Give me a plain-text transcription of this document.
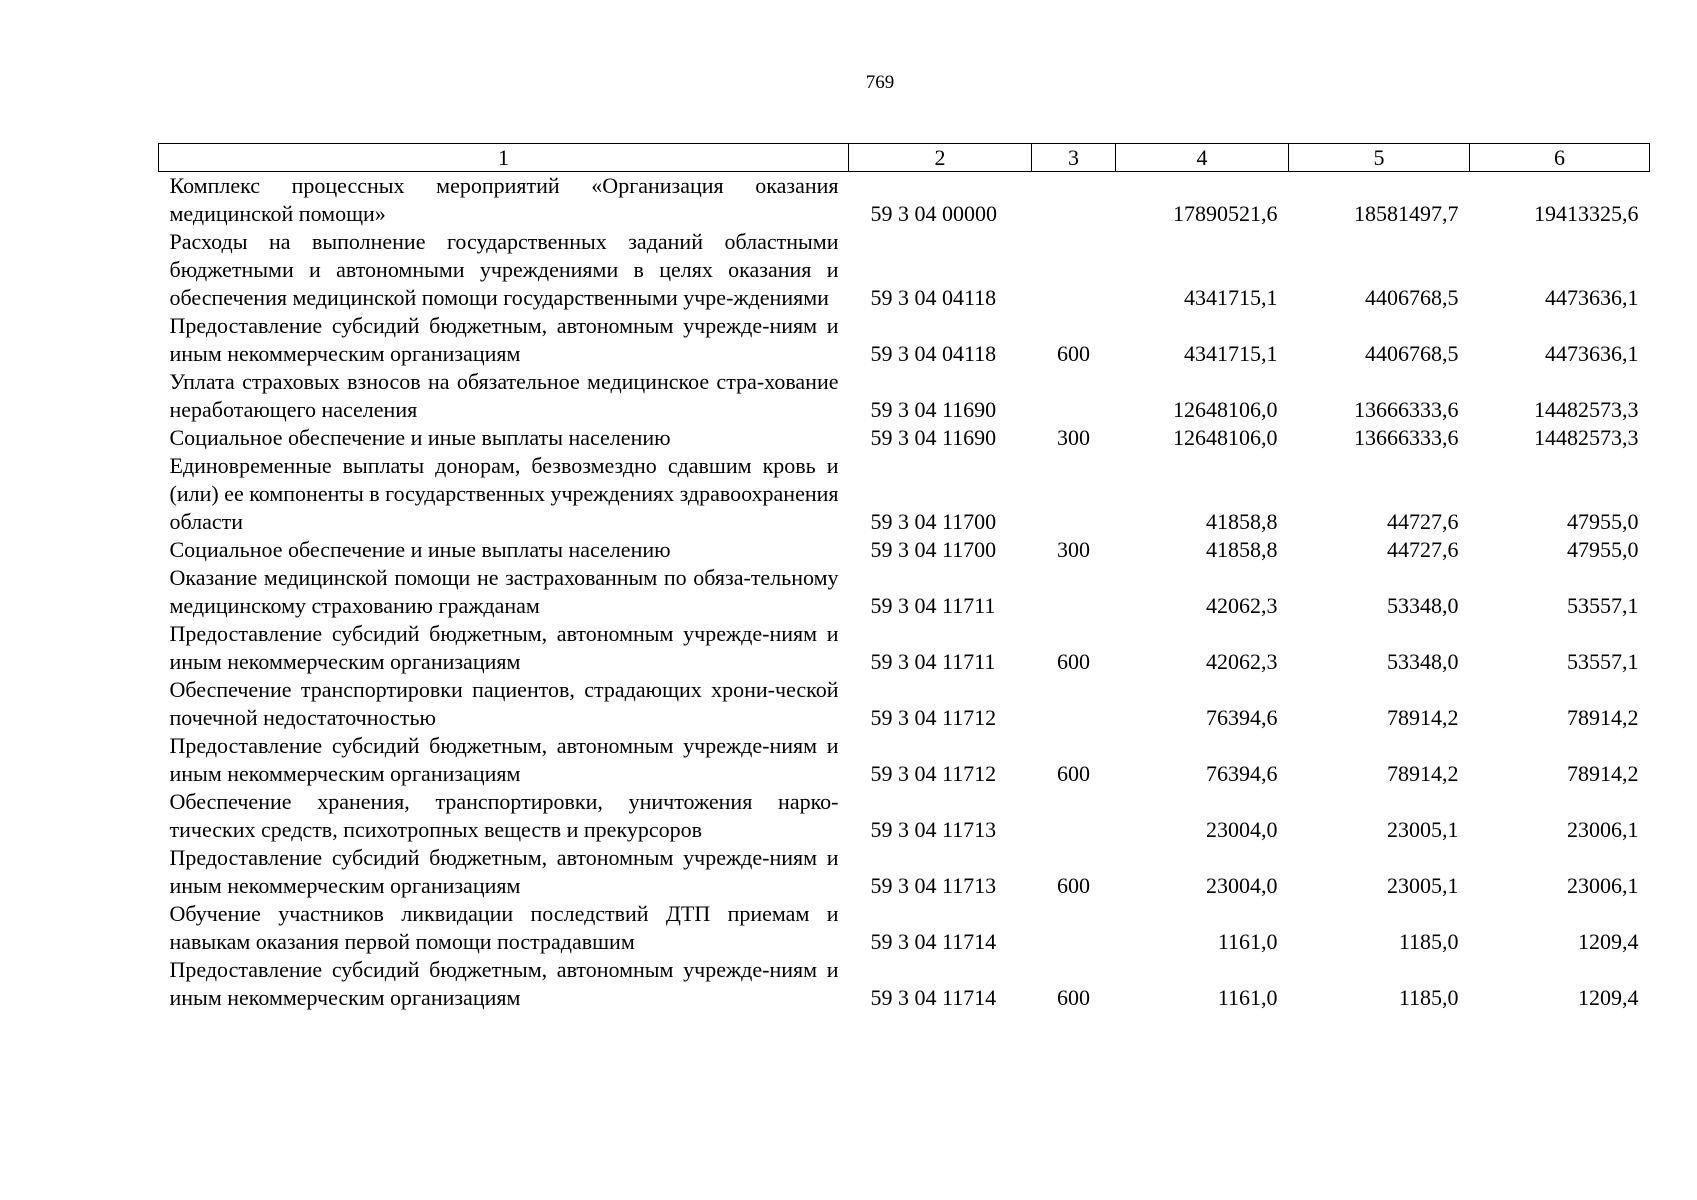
769
1	2	3	4	5	6
Комплекс процессных мероприятий «Организация оказания медицинской помощи»	59 3 04 00000		17890521,6	18581497,7	19413325,6
Расходы на выполнение государственных заданий областными бюджетными и автономными учреждениями в целях оказания и обеспечения медицинской помощи государственными учре-ждениями	59 3 04 04118		4341715,1	4406768,5	4473636,1
Предоставление субсидий бюджетным, автономным учрежде-ниям и иным некоммерческим организациям	59 3 04 04118	600	4341715,1	4406768,5	4473636,1
Уплата страховых взносов на обязательное медицинское стра-хование неработающего населения	59 3 04 11690		12648106,0	13666333,6	14482573,3
Социальное обеспечение и иные выплаты населению	59 3 04 11690	300	12648106,0	13666333,6	14482573,3
Единовременные выплаты донорам, безвозмездно сдавшим кровь и (или) ее компоненты в государственных учреждениях здравоохранения области	59 3 04 11700		41858,8	44727,6	47955,0
Социальное обеспечение и иные выплаты населению	59 3 04 11700	300	41858,8	44727,6	47955,0
Оказание медицинской помощи не застрахованным по обяза-тельному медицинскому страхованию гражданам	59 3 04 11711		42062,3	53348,0	53557,1
Предоставление субсидий бюджетным, автономным учрежде-ниям и иным некоммерческим организациям	59 3 04 11711	600	42062,3	53348,0	53557,1
Обеспечение транспортировки пациентов, страдающих хрони-ческой почечной недостаточностью	59 3 04 11712		76394,6	78914,2	78914,2
Предоставление субсидий бюджетным, автономным учрежде-ниям и иным некоммерческим организациям	59 3 04 11712	600	76394,6	78914,2	78914,2
Обеспечение хранения, транспортировки, уничтожения нарко-тических средств, психотропных веществ и прекурсоров	59 3 04 11713		23004,0	23005,1	23006,1
Предоставление субсидий бюджетным, автономным учрежде-ниям и иным некоммерческим организациям	59 3 04 11713	600	23004,0	23005,1	23006,1
Обучение участников ликвидации последствий ДТП приемам и навыкам оказания первой помощи пострадавшим	59 3 04 11714		1161,0	1185,0	1209,4
Предоставление субсидий бюджетным, автономным учрежде-ниям и иным некоммерческим организациям	59 3 04 11714	600	1161,0	1185,0	1209,4
